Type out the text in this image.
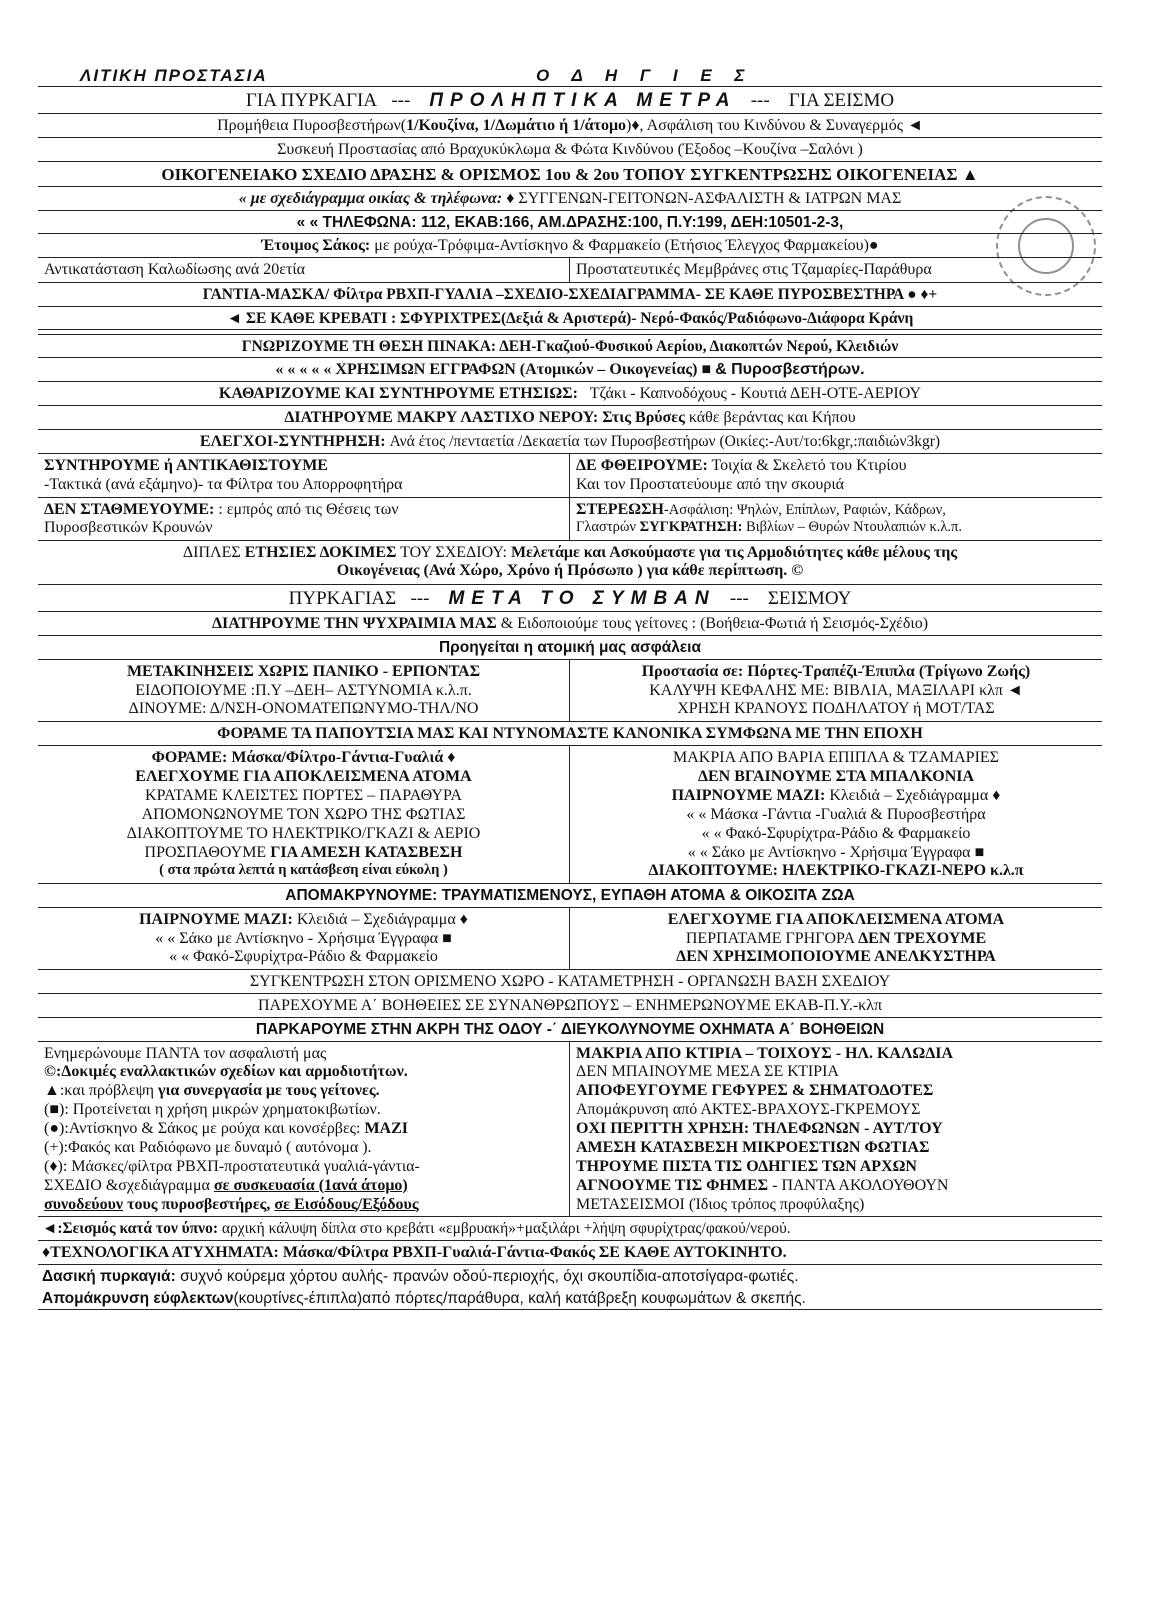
ΛΙΤΙΚΗ ΠΡΟΣΤΑΣΙΑ	Ο Δ Η Γ Ι Ε Σ
ΓΙΑ ΠΥΡΚΑΓΙΑ --- ΠΡΟΛΗΠΤΙΚΑ ΜΕΤΡΑ --- ΓΙΑ ΣΕΙΣΜΟ
Προμήθεια Πυροσβεστήρων(1/Κουζίνα, 1/Δωμάτιο ή 1/άτομο)♦, Ασφάλιση του Κινδύνου & Συναγερμός ◄
Συσκευή Προστασίας από Βραχυκύκλωμα & Φώτα Κινδύνου (Έξοδος –Κουζίνα –Σαλόνι )
ΟΙΚΟΓΕΝΕΙΑΚΟ ΣΧΕΔΙΟ ΔΡΑΣΗΣ & ΟΡΙΣΜΟΣ 1ου & 2ου ΤΟΠΟΥ ΣΥΓΚΕΝΤΡΩΣΗΣ ΟΙΚΟΓΕΝΕΙΑΣ ▲
« με σχεδιάγραμμα οικίας & τηλέφωνα: ♦ ΣΥΓΓΕΝΩΝ-ΓΕΙΤΟΝΩΝ-ΑΣΦΑΛΙΣΤΗ & ΙΑΤΡΩΝ ΜΑΣ
« « ΤΗΛΕΦΩΝΑ: 112, ΕΚΑΒ:166, ΑΜ.ΔΡΑΣΗΣ:100, Π.Υ:199, ΔΕΗ:10501-2-3,
Έτοιμος Σάκος: με ρούχα-Τρόφιμα-Αντίσκηνο & Φαρμακείο (Ετήσιος Έλεγχος Φαρμακείου)●
Αντικατάσταση Καλωδίωσης ανά 20ετία	Προστατευτικές Μεμβράνες στις Τζαμαρίες-Παράθυρα
ΓΑΝΤΙΑ-ΜΑΣΚΑ/ Φίλτρα ΡΒΧΠ-ΓΥΑΛΙΑ –ΣΧΕΔΙΟ-ΣΧΕΔΙΑΓΡΑΜΜΑ- ΣΕ ΚΑΘΕ ΠΥΡΟΣΒΕΣΤΗΡΑ ● ♦+
◄ ΣΕ ΚΑΘΕ ΚΡΕΒΑΤΙ : ΣΦΥΡΙΧΤΡΕΣ(Δεξιά & Αριστερά)- Νερό-Φακός/Ραδιόφωνο-Διάφορα Κράνη
ΓΝΩΡΙΖΟΥΜΕ ΤΗ ΘΕΣΗ ΠΙΝΑΚΑ: ΔΕΗ-Γκαζιού-Φυσικού Αερίου, Διακοπτών Νερού, Κλειδιών
« « « « « ΧΡΗΣΙΜΩΝ ΕΓΓΡΑΦΩΝ (Ατομικών – Οικογενείας) ■ & Πυροσβεστήρων.
ΚΑΘΑΡΙΖΟΥΜΕ ΚΑΙ ΣΥΝΤΗΡΟΥΜΕ ΕΤΗΣΙΩΣ: Τζάκι - Καπνοδόχους - Κουτιά ΔΕΗ-ΟΤΕ-ΑΕΡΙΟΥ
ΔΙΑΤΗΡΟΥΜΕ ΜΑΚΡΥ ΛΑΣΤΙΧΟ ΝΕΡΟΥ: Στις Βρύσες κάθε βεράντας και Κήπου
ΕΛΕΓΧΟΙ-ΣΥΝΤΗΡΗΣΗ: Ανά έτος /πενταετία /Δεκαετία των Πυροσβεστήρων (Οικίες:-Αυτ/το:6kgr,:παιδιών3kgr)
ΣΥΝΤΗΡΟΥΜΕ ή ΑΝΤΙΚΑΘΙΣΤΟΥΜΕ
-Τακτικά (ανά εξάμηνο)- τα Φίλτρα του Απορροφητήρα
ΔΕ ΦΘΕΙΡΟΥΜΕ: Τοιχία & Σκελετό του Κτιρίου
Και τον Προστατεύουμε από την σκουριά
ΔΕΝ ΣΤΑΘΜΕΥΟΥΜΕ: : εμπρός από τις Θέσεις των
Πυροσβεστικών Κρουνών
ΣΤΕΡΕΩΣΗ-Ασφάλιση: Ψηλών, Επίπλων, Ραφιών, Κάδρων,
Γλαστρών ΣΥΓΚΡΑΤΗΣΗ: Βιβλίων – Θυρών Ντουλαπιών κ.λ.π.
ΔΙΠΛΕΣ ΕΤΗΣΙΕΣ ΔΟΚΙΜΕΣ ΤΟΥ ΣΧΕΔΙΟΥ: Μελετάμε και Ασκούμαστε για τις Αρμοδιότητες κάθε μέλους της
Οικογένειας (Ανά Χώρο, Χρόνο ή Πρόσωπο ) για κάθε περίπτωση. ©
ΠΥΡΚΑΓΙΑΣ --- ΜΕΤΑ ΤΟ ΣΥΜΒΑΝ --- ΣΕΙΣΜΟΥ
ΔΙΑΤΗΡΟΥΜΕ ΤΗΝ ΨΥΧΡΑΙΜΙΑ ΜΑΣ & Ειδοποιούμε τους γείτονες : (Βοήθεια-Φωτιά ή Σεισμός-Σχέδιο)
Προηγείται η ατομική μας ασφάλεια
ΜΕΤΑΚΙΝΗΣΕΙΣ ΧΩΡΙΣ ΠΑΝΙΚΟ - ΕΡΠΟΝΤΑΣ
ΕΙΔΟΠΟΙΟΥΜΕ :Π.Υ –ΔΕΗ– ΑΣΤΥΝΟΜΙΑ κ.λ.π.
ΔΙΝΟΥΜΕ: Δ/ΝΣΗ-ΟΝΟΜΑΤΕΠΩΝΥΜΟ-ΤΗΛ/ΝΟ
Προστασία σε: Πόρτες-Τραπέζι-Έπιπλα (Τρίγωνο Ζωής)
ΚΑΛΥΨΗ ΚΕΦΑΛΗΣ ΜΕ: ΒΙΒΛΙΑ, ΜΑΞΙΛΑΡΙ κλπ ◄
ΧΡΗΣΗ ΚΡΑΝΟΥΣ ΠΟΔΗΛΑΤΟΥ ή ΜΟΤ/ΤΑΣ
ΦΟΡΑΜΕ ΤΑ ΠΑΠΟΥΤΣΙΑ ΜΑΣ ΚΑΙ ΝΤΥΝΟΜΑΣΤΕ ΚΑΝΟΝΙΚΑ ΣΥΜΦΩΝΑ ΜΕ ΤΗΝ ΕΠΟΧΗ
ΦΟΡΑΜΕ: Μάσκα/Φίλτρο-Γάντια-Γυαλιά ♦
ΕΛΕΓΧΟΥΜΕ ΓΙΑ ΑΠΟΚΛΕΙΣΜΕΝΑ ΑΤΟΜΑ
ΚΡΑΤΑΜΕ ΚΛΕΙΣΤΕΣ ΠΟΡΤΕΣ – ΠΑΡΑΘΥΡΑ
ΑΠΟΜΟΝΩΝΟΥΜΕ ΤΟΝ ΧΩΡΟ ΤΗΣ ΦΩΤΙΑΣ
ΔΙΑΚΟΠΤΟΥΜΕ ΤΟ ΗΛΕΚΤΡΙΚΟ/ΓΚΑΖΙ & ΑΕΡΙΟ
ΠΡΟΣΠΑΘΟΥΜΕ ΓΙΑ ΑΜΕΣΗ ΚΑΤΑΣΒΕΣΗ
( στα πρώτα λεπτά η κατάσβεση είναι εύκολη )
ΜΑΚΡΙΑ ΑΠΟ ΒΑΡΙΑ ΕΠΙΠΛΑ & ΤΖΑΜΑΡΙΕΣ
ΔΕΝ ΒΓΑΙΝΟΥΜΕ ΣΤΑ ΜΠΑΛΚΟΝΙΑ
ΠΑΙΡΝΟΥΜΕ ΜΑΖΙ: Κλειδιά – Σχεδιάγραμμα ♦
« « Μάσκα -Γάντια -Γυαλιά & Πυροσβεστήρα
« « Φακό-Σφυρίχτρα-Ράδιο & Φαρμακείο
« « Σάκο με Αντίσκηνο - Χρήσιμα Έγγραφα ■
ΔΙΑΚΟΠΤΟΥΜΕ: ΗΛΕΚΤΡΙΚΟ-ΓΚΑΖΙ-ΝΕΡΟ κ.λ.π
ΑΠΟΜΑΚΡΥΝΟΥΜΕ: ΤΡΑΥΜΑΤΙΣΜΕΝΟΥΣ, ΕΥΠΑΘΗ ΑΤΟΜΑ & ΟΙΚΟΣΙΤΑ ΖΩΑ
ΠΑΙΡΝΟΥΜΕ ΜΑΖΙ: Κλειδιά – Σχεδιάγραμμα ♦
« « Σάκο με Αντίσκηνο - Χρήσιμα Έγγραφα ■
« « Φακό-Σφυρίχτρα-Ράδιο & Φαρμακείο
ΕΛΕΓΧΟΥΜΕ ΓΙΑ ΑΠΟΚΛΕΙΣΜΕΝΑ ΑΤΟΜΑ
ΠΕΡΠΑΤΑΜΕ ΓΡΗΓΟΡΑ ΔΕΝ ΤΡΕΧΟΥΜΕ
ΔΕΝ ΧΡΗΣΙΜΟΠΟΙΟΥΜΕ ΑΝΕΛΚΥΣΤΗΡΑ
ΣΥΓΚΕΝΤΡΩΣΗ ΣΤΟΝ ΟΡΙΣΜΕΝΟ ΧΩΡΟ - ΚΑΤΑΜΕΤΡΗΣΗ - ΟΡΓΑΝΩΣΗ ΒΑΣΗ ΣΧΕΔΙΟΥ
ΠΑΡΕΧΟΥΜΕ Α΄ ΒΟΗΘΕΙΕΣ ΣΕ ΣΥΝΑΝΘΡΩΠΟΥΣ – ΕΝΗΜΕΡΩΝΟΥΜΕ ΕΚΑΒ-Π.Υ.-κλπ
ΠΑΡΚΑΡΟΥΜΕ ΣΤΗΝ ΑΚΡΗ ΤΗΣ ΟΔΟΥ -΄ ΔΙΕΥΚΟΛΥΝΟΥΜΕ ΟΧΗΜΑΤΑ Α΄ ΒΟΗΘΕΙΩΝ
Ενημερώνουμε ΠΑΝΤΑ τον ασφαλιστή μας
©:Δοκιμές εναλλακτικών σχεδίων και αρμοδιοτήτων.
▲:και πρόβλεψη για συνεργασία με τους γείτονες.
(■): Προτείνεται η χρήση μικρών χρηματοκιβωτίων.
(●):Αντίσκηνο & Σάκος με ρούχα και κονσέρβες: ΜΑΖΙ
(+):Φακός και Ραδιόφωνο με δυναμό ( αυτόνομα ).
(♦): Μάσκες/φίλτρα ΡΒΧΠ-προστατευτικά γυαλιά-γάντια-
ΣΧΕΔΙΟ &σχεδιάγραμμα σε συσκευασία (1ανά άτομο)
συνοδεύουν τους πυροσβεστήρες, σε Εισόδους/Εξόδους
ΜΑΚΡΙΑ ΑΠΟ ΚΤΙΡΙΑ – ΤΟΙΧΟΥΣ - ΗΛ. ΚΑΛΩΔΙΑ
ΔΕΝ ΜΠΑΙΝΟΥΜΕ ΜΕΣΑ ΣΕ ΚΤΙΡΙΑ
ΑΠΟΦΕΥΓΟΥΜΕ ΓΕΦΥΡΕΣ & ΣΗΜΑΤΟΔΟΤΕΣ
Απομάκρυνση από ΑΚΤΕΣ-ΒΡΑΧΟΥΣ-ΓΚΡΕΜΟΥΣ
ΟΧΙ ΠΕΡΙΤΤΗ ΧΡΗΣΗ: ΤΗΛΕΦΩΝΩΝ - ΑΥΤ/ΤΟΥ
ΑΜΕΣΗ ΚΑΤΑΣΒΕΣΗ ΜΙΚΡΟΕΣΤΙΩΝ ΦΩΤΙΑΣ
ΤΗΡΟΥΜΕ ΠΙΣΤΑ ΤΙΣ ΟΔΗΓΙΕΣ ΤΩΝ ΑΡΧΩΝ
ΑΓΝΟΟΥΜΕ ΤΙΣ ΦΗΜΕΣ - ΠΑΝΤΑ ΑΚΟΛΟΥΘΟΥΝ
ΜΕΤΑΣΕΙΣΜΟΙ (Ίδιος τρόπος προφύλαξης)
◄:Σεισμός κατά τον ύπνο: αρχική κάλυψη δίπλα στο κρεβάτι «εμβρυακή»+μαξιλάρι +λήψη σφυρίχτρας/φακού/νερού.
♦ΤΕΧΝΟΛΟΓΙΚΑ ΑΤΥΧΗΜΑΤΑ: Μάσκα/Φίλτρα ΡΒΧΠ-Γυαλιά-Γάντια-Φακός ΣΕ ΚΑΘΕ ΑΥΤΟΚΙΝΗΤΟ.
Δασική πυρκαγιά: συχνό κούρεμα χόρτου αυλής- πρανών οδού-περιοχής, όχι σκουπίδια-αποτσίγαρα-φωτιές.
Απομάκρυνση εύφλεκτων(κουρτίνες-έπιπλα)από πόρτες/παράθυρα, καλή κατάβρεξη κουφωμάτων & σκεπής.
